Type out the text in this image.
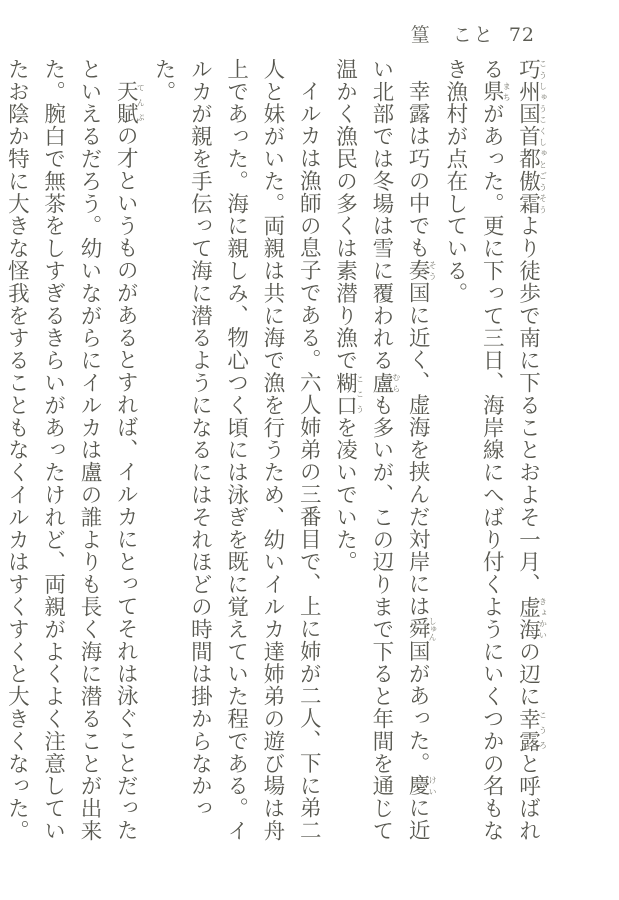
篁　こと 72

巧州国首都傲霜こうしゅうこくしゅとごうそうより徒歩で南に下ることおよそ一月、虚海きょかいの辺に幸露こうろと呼ばれる県まちがあった。更に下って三日、海岸線にへばり付くようにいくつかの名もなき漁村が点在している。

幸露は巧の中でも奏そう国に近く、虚海を挟んだ対岸には舜しゅん国があった。慶けいに近い北部では冬場は雪に覆われる盧むらも多いが、この辺りまで下ると年間を通じて温かく漁民の多くは素潜り漁で糊口ここうを凌いでいた。

イルカは漁師の息子である。六人姉弟の三番目で、上に姉が二人、下に弟二人と妹がいた。両親は共に海で漁を行うため、幼いイルカ達姉弟の遊び場は舟上であった。海に親しみ、物心つく頃には泳ぎを既に覚えていた程である。イルカが親を手伝って海に潜るようになるにはそれほどの時間は掛からなかった。

天賦てんぷの才というものがあるとすれば、イルカにとってそれは泳ぐことだったといえるだろう。幼いながらにイルカは盧の誰よりも長く海に潜ることが出来た。腕白で無茶をしすぎるきらいがあったけれど、両親がよくよく注意していたお陰か特に大きな怪我をすることもなくイルカはすくすくと大きくなった。
